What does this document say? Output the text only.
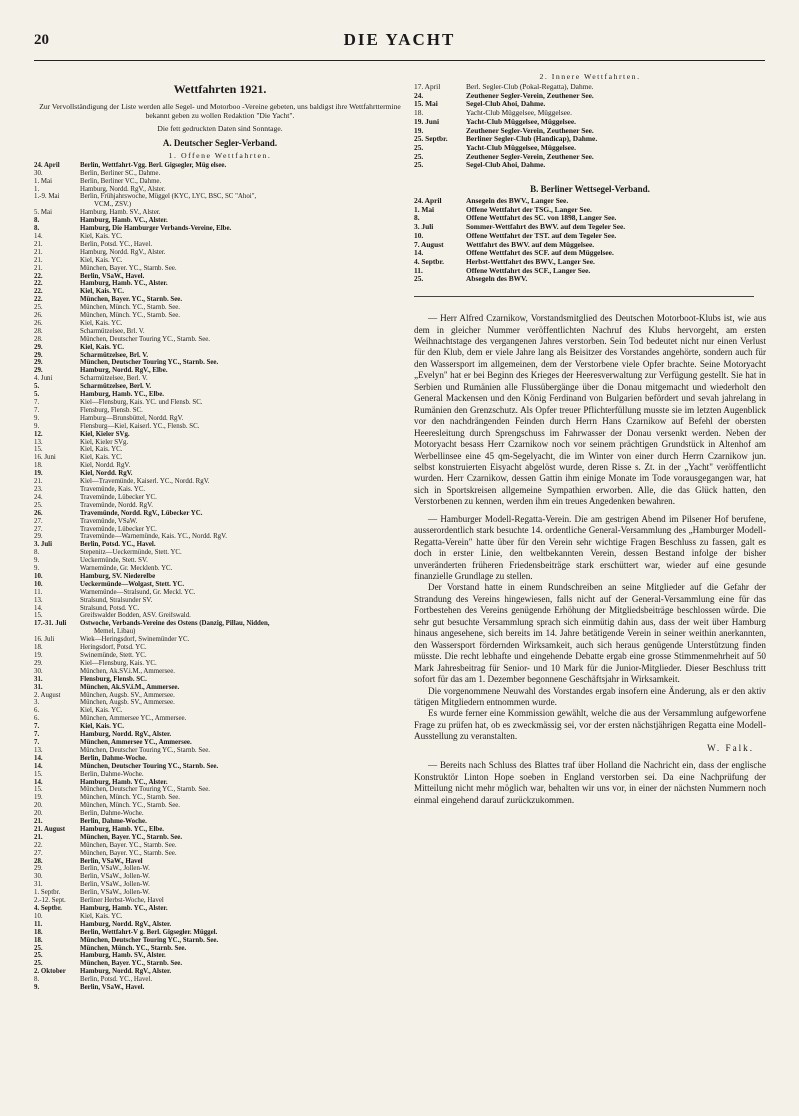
20	DIE YACHT
Wettfahrten 1921.
Zur Vervollständigung der Liste werden alle Segel- und Motorboo -Vereine gebeten, uns baldigst ihre Wettfahrttermine bekannt geben zu wollen Redaktion "Die Yacht".
Die fett gedruckten Daten sind Sonntage.
A. Deutscher Segler-Verband.
1. Offene Wettfahrten.
24. April	Berlin, Wettfahrt-Vgg. Berl. Gigsegler, Müg elsee.
30.	Berlin, Berliner SC., Dahme.
1. Mai	Berlin, Berliner VC., Dahme.
1.	Hamburg, Nordd. RgV., Alster.
1.-9. Mai	Berlin, Frühjahrswoche, Müggel (KYC, LYC, BSC, SC "Ahoi",
VCM., ZSV.)
5. Mai	Hamburg, Hamb. SV., Alster.
8.	Hamburg, Hamb. VC., Alster.
8.	Hamburg, Die Hamburger Verbands-Vereine, Elbe.
14.	Kiel, Kais. YC.
21.	Berlin, Potsd. YC., Havel.
21.	Hamburg, Nordd. RgV., Alster.
21.	Kiel, Kais. YC.
21.	München, Bayer. YC., Starnb. See.
22.	Berlin, VSaW., Havel.
22.	Hamburg, Hamb. YC., Alster.
22.	Kiel, Kais. YC.
22.	München, Bayer. YC., Starnb. See.
25.	München, Münch. YC., Starnb. See.
26.	München, Münch. YC., Starnb. See.
26.	Kiel, Kais. YC.
28.	Scharmützelsee, Brl. V.
28.	München, Deutscher Touring YC., Starnb. See.
29.	Kiel, Kais. YC.
29.	Scharmützelsee, Brl. V.
29.	München, Deutscher Touring YC., Starnb. See.
29.	Hamburg, Nordd. RgV., Elbe.
4. Juni	Scharmützelsee, Berl. V.
5.	Scharmützelsee, Berl. V.
5.	Hamburg, Hamb. YC., Elbe.
7.	Kiel—Flensburg, Kais. YC. und Flensb. SC.
7.	Flensburg, Flensb. SC.
9.	Hamburg—Brunsbüttel, Nordd. RgV.
9.	Flensburg—Kiel, Kaiserl. YC., Flensb. SC.
12.	Kiel, Kieler SVg.
13.	Kiel, Kieler SVg.
15.	Kiel, Kais. YC.
16. Juni	Kiel, Kais. YC.
18.	Kiel, Nordd. RgV.
19.	Kiel, Nordd. RgV.
21.	Kiel—Travemünde, Kaiserl. YC., Nordd. RgV.
23.	Travemünde, Kais. YC.
24.	Travemünde, Lübecker YC.
25.	Travemünde, Nordd. RgV.
26.	Travemünde, Nordd. RgV., Lübecker YC.
27.	Travemünde, VSaW.
27.	Travemünde, Lübecker YC.
29.	Travemünde—Warnemünde, Kais. YC., Nordd. RgV.
3. Juli	Berlin, Potsd. YC., Havel.
8.	Stepenitz—Ueckermünde, Stett. YC.
9.	Ueckermünde, Stett. SV.
9.	Warnemünde, Gr. Mecklenb. YC.
10.	Hamburg, SV. Niederelbe
10.	Ueckermünde—Wolgast, Stett. YC.
11.	Warnemünde—Stralsund, Gr. Meckl. YC.
13.	Stralsund, Stralsunder SV.
14.	Stralsund, Potsd. YC.
15.	Greifswalder Bodden, ASV. Greifswald.
17.-31. Juli	Ostwoche, Verbands-Vereine des Ostens (Danzig, Pillau, Nidden,
Memel, Libau)
16. Juli	Wiek—Heringsdorf, Swinemünder YC.
18.	Heringsdorf, Potsd. YC.
19.	Swinemünde, Stett. YC.
29.	Kiel—Flensburg, Kais. YC.
30.	München, Ak.SV.i.M., Ammersee.
31.	Flensburg, Flensb. SC.
31.	München, Ak.SV.i.M., Ammersee.
2. August	München, Augsb. SV., Ammersee.
3.	München, Augsb. SV., Ammersee.
6.	Kiel, Kais. YC.
6.	München, Ammersee YC., Ammersee.
7.	Kiel, Kais. YC.
7.	Hamburg, Nordd. RgV., Alster.
7.	München, Ammersee YC., Ammersee.
13.	München, Deutscher Touring YC., Starnb. See.
14.	Berlin, Dahme-Woche.
14.	München, Deutscher Touring YC., Starnb. See.
15.	Berlin, Dahme-Woche.
14.	Hamburg, Hamb. YC., Alster.
15.	München, Deutscher Touring YC., Starnb. See.
19.	München, Münch. YC., Starnb. See.
20.	München, Münch. YC., Starnb. See.
20.	Berlin, Dahme-Woche.
21.	Berlin, Dahme-Woche.
21. August	Hamburg, Hamb. YC., Elbe.
21.	München, Bayer. YC., Starnb. See.
22.	München, Bayer. YC., Starnb. See.
27.	München, Bayer. YC., Starnb. See.
28.	Berlin, VSaW., Havel
29.	Berlin, VSaW., Jollen-W.
30.	Berlin, VSaW., Jollen-W.
31.	Berlin, VSaW., Jollen-W.
1. Septbr.	Berlin, VSaW., Jollen-W.
2.-12. Sept.	Berliner Herbst-Woche, Havel
4. Septbr.	Hamburg, Hamb. YC., Alster.
10.	Kiel, Kais. YC.
11.	Hamburg, Nordd. RgV., Alster.
18.	Berlin, Wettfahrt-V g. Berl. Gigsegler. Müggel.
18.	München, Deutscher Touring YC., Starnb. See.
25.	München, Münch. YC., Starnb. See.
25.	Hamburg, Hamb. SV., Alster.
25.	München, Bayer. YC., Starnb. See.
2. Oktober	Hamburg, Nordd. RgV., Alster.
8.	Berlin, Potsd. YC., Havel.
9.	Berlin, VSaW., Havel.
2. Innere Wettfahrten.
17. April	Berl. Segler-Club (Pokal-Regatta), Dahme.
24.	Zeuthener Segler-Verein, Zeuthener See.
15. Mai	Segel-Club Ahoi, Dahme.
18.	Yacht-Club Müggelsee, Müggelsee.
19. Juni	Yacht-Club Müggelsee, Müggelsee.
19.	Zeuthener Segler-Verein, Zeuthener See.
25. Septbr.	Berliner Segler-Club (Handicap), Dahme.
25.	Yacht-Club Müggelsee, Müggelsee.
25.	Zeuthener Segler-Verein, Zeuthener See.
25.	Segel-Club Ahoi, Dahme.
B. Berliner Wettsegel-Verband.
24. April	Ansegeln des BWV., Langer See.
1. Mai	Offene Wettfahrt der TSG., Langer See.
8.	Offene Wettfahrt des SC. von 1898, Langer See.
3. Juli	Sommer-Wettfahrt des BWV. auf dem Tegeler See.
10.	Offene Wettfahrt der TST. auf dem Tegeler See.
7. August	Wettfahrt des BWV. auf dem Müggelsee.
14.	Offene Wettfahrt des SCF. auf dem Müggelsee.
4. Septbr.	Herbst-Wettfahrt des BWV., Langer See.
11.	Offene Wettfahrt des SCF., Langer See.
25.	Absegeln des BWV.

— Herr Alfred Czarnikow, Vorstandsmitglied des Deutschen Motorboot-Klubs ist, wie aus dem in gleicher Nummer veröffentlichten Nachruf des Klubs hervorgeht, am ersten Weihnachtstage des vergangenen Jahres verstorben. Sein Tod bedeutet nicht nur einen Verlust für den Klub, dem er viele Jahre lang als Beisitzer des Vorstandes angehörte, sondern auch für den Wassersport im allgemeinen, dem der Verstorbene viele Opfer brachte. Seine Motoryacht „Evelyn" hat er bei Beginn des Krieges der Heeresverwaltung zur Verfügung gestellt. Sie hat in Serbien und Rumänien alle Flussübergänge über die Donau mitgemacht und wiederholt den General Mackensen und den König Ferdinand von Bulgarien befördert und sevah jahrelang in Rumänien den Grenzschutz. Als Opfer treuer Pflichterfüllung musste sie im letzten Augenblick vor den nachdrängenden Feinden durch Herrn Hans Czarnikow auf Befehl der obersten Heeresleitung durch Sprengschuss im Fahrwasser der Donau versenkt werden. Neben der Motoryacht besass Herr Czarnikow noch vor seinem prächtigen Grundstück in Altenhof am Werbellinsee eine 45 qm-Segelyacht, die im Winter von einer durch Herrn Czarnikow jun. selbst konstruierten Eisyacht abgelöst wurde, deren Risse s. Zt. in der „Yacht" veröffentlicht wurden. Herr Czarnikow, dessen Gattin ihm einige Monate im Tode vorausgegangen war, hat sich in Sportskreisen allgemeine Sympathien erworben. Alle, die das Glück hatten, den Verstorbenen zu kennen, werden ihm ein treues Angedenken bewahren.

— Hamburger Modell-Regatta-Verein. Die am gestrigen Abend im Pilsener Hof berufene, ausserordentlich stark besuchte 14. ordentliche General-Versammlung des „Hamburger Modell-Regatta-Verein" hatte über für den Verein sehr wichtige Fragen Beschluss zu fassen, galt es doch in erster Linie, den weltbekannten Verein, dessen Bestand infolge der bisher unveränderten früheren Friedensbeiträge stark erschüttert war, wieder auf eine gesunde finanzielle Grundlage zu stellen.

Der Vorstand hatte in einem Rundschreiben an seine Mitglieder auf die Gefahr der Strandung des Vereins hingewiesen, falls nicht auf der General-Versammlung eine für das Fortbestehen des Vereins genügende Erhöhung der Mitgliedsbeiträge beschlossen würde. Die sehr gut besuchte Versammlung sprach sich einmütig dahin aus, dass der weit über Hamburg hinaus angesehene, sich bereits im 14. Jahre betätigende Verein in seiner weithin anerkannten, den Wassersport fördernden Wirksamkeit, auch sich heraus genügende Unterstützung finden müsste. Die recht lebhafte und eingehende Debatte ergab eine grosse Stimmenmehrheit auf 50 Mark Jahresbeitrag für Senior- und 10 Mark für die Junior-Mitglieder. Dieser Beschluss tritt sofort für das am 1. Dezember begonnene Geschäftsjahr in Wirksamkeit.

Die vorgenommene Neuwahl des Vorstandes ergab insofern eine Änderung, als er den aktiv tätigen Mitgliedern entnommen wurde.

Es wurde ferner eine Kommission gewählt, welche die aus der Versammlung aufgeworfene Frage zu prüfen hat, ob es zweckmässig sei, vor der ersten nächstjährigen Regatta eine Modell-Ausstellung zu veranstalten.

W. Falk.

— Bereits nach Schluss des Blattes traf über Holland die Nachricht ein, dass der englische Konstruktör Linton Hope soeben in England verstorben sei. Da eine Nachprüfung der Mitteilung nicht mehr möglich war, behalten wir uns vor, in einer der nächsten Nummern noch einmal eingehend darauf zurückzukommen.
